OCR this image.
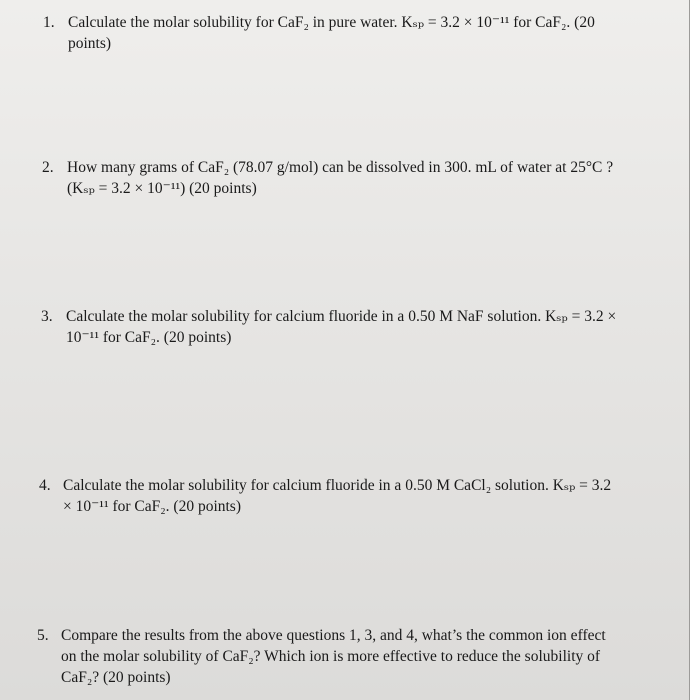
1. Calculate the molar solubility for CaF₂ in pure water. Kₛₚ = 3.2 × 10⁻¹¹ for CaF₂. (20
points)
2. How many grams of CaF₂ (78.07 g/mol) can be dissolved in 300. mL of water at 25°C ?
(Kₛₚ = 3.2 × 10⁻¹¹) (20 points)
3. Calculate the molar solubility for calcium fluoride in a 0.50 M NaF solution. Kₛₚ = 3.2 ×
10⁻¹¹ for CaF₂. (20 points)
4. Calculate the molar solubility for calcium fluoride in a 0.50 M CaCl₂ solution. Kₛₚ = 3.2
× 10⁻¹¹ for CaF₂. (20 points)
5. Compare the results from the above questions 1, 3, and 4, what’s the common ion effect
on the molar solubility of CaF₂? Which ion is more effective to reduce the solubility of
CaF₂? (20 points)
